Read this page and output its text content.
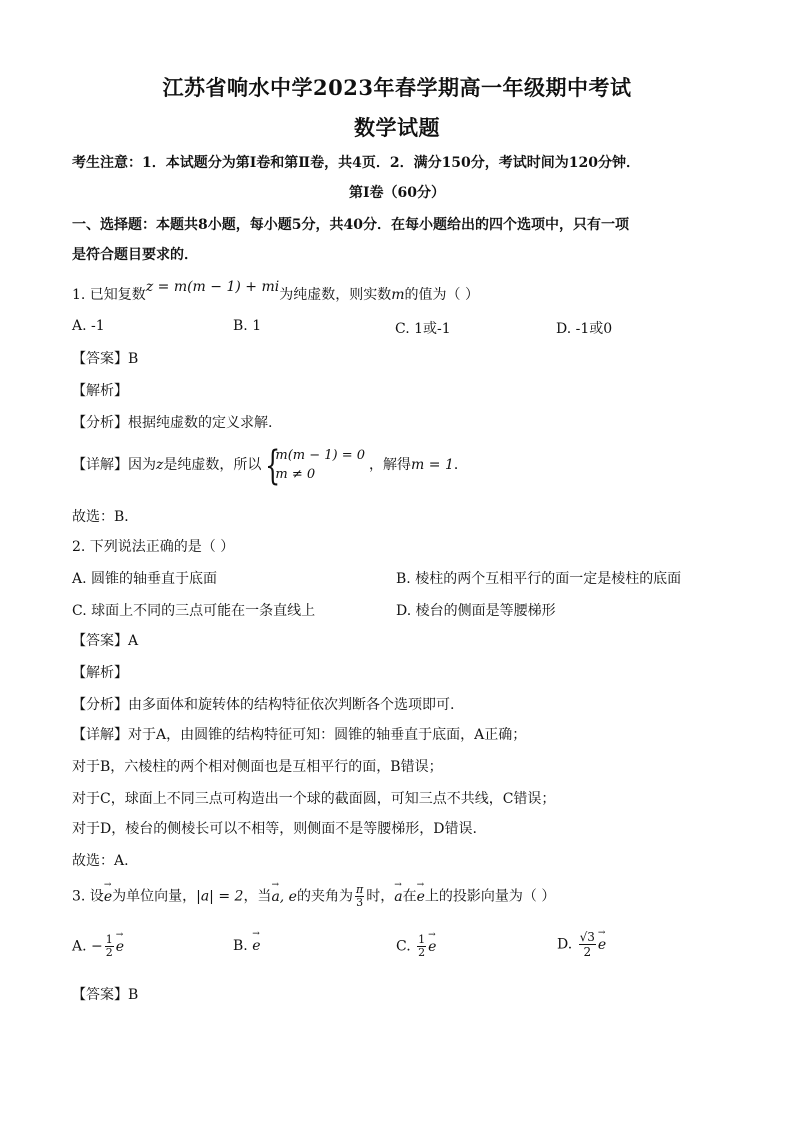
江苏省响水中学2023年春学期高一年级期中考试
数学试题
考生注意：1．本试题分为第Ⅰ卷和第Ⅱ卷，共4页．2．满分150分，考试时间为120分钟．
第Ⅰ卷（60分）
一、选择题：本题共8小题，每小题5分，共40分．在每小题给出的四个选项中，只有一项
是符合题目要求的．
1. 已知复数z = m(m − 1) + mi为纯虚数，则实数m的值为（ ）
A. -1	B. 1	C. 1或-1	D. -1或0
【答案】B
【解析】
【分析】根据纯虚数的定义求解.
【详解】因为z是纯虚数，所以 {
m(m − 1) = 0
m ≠ 0
，解得m = 1．
故选：B．
2. 下列说法正确的是（ ）
A. 圆锥的轴垂直于底面	B. 棱柱的两个互相平行的面一定是棱柱的底面
C. 球面上不同的三点可能在一条直线上	D. 棱台的侧面是等腰梯形
【答案】A
【解析】
【分析】由多面体和旋转体的结构特征依次判断各个选项即可.
【详解】对于A，由圆锥的结构特征可知：圆锥的轴垂直于底面，A正确；
对于B，六棱柱的两个相对侧面也是互相平行的面，B错误；
对于C，球面上不同三点可构造出一个球的截面圆，可知三点不共线，C错误；
对于D，棱台的侧棱长可以不相等，则侧面不是等腰梯形，D错误.
故选：A.
3. 设→ e为单位向量，|a| = 2，当→ a, e的夹角为 $\frac{\pi}{3}$ 时，→ a在→ e上的投影向量为（ ）
A. − $\frac{1}{2}$
→ e	B. → e	C. $\frac{1}{2}$
→ e	D. $\frac{√3}{2}$
→ e
【答案】B
